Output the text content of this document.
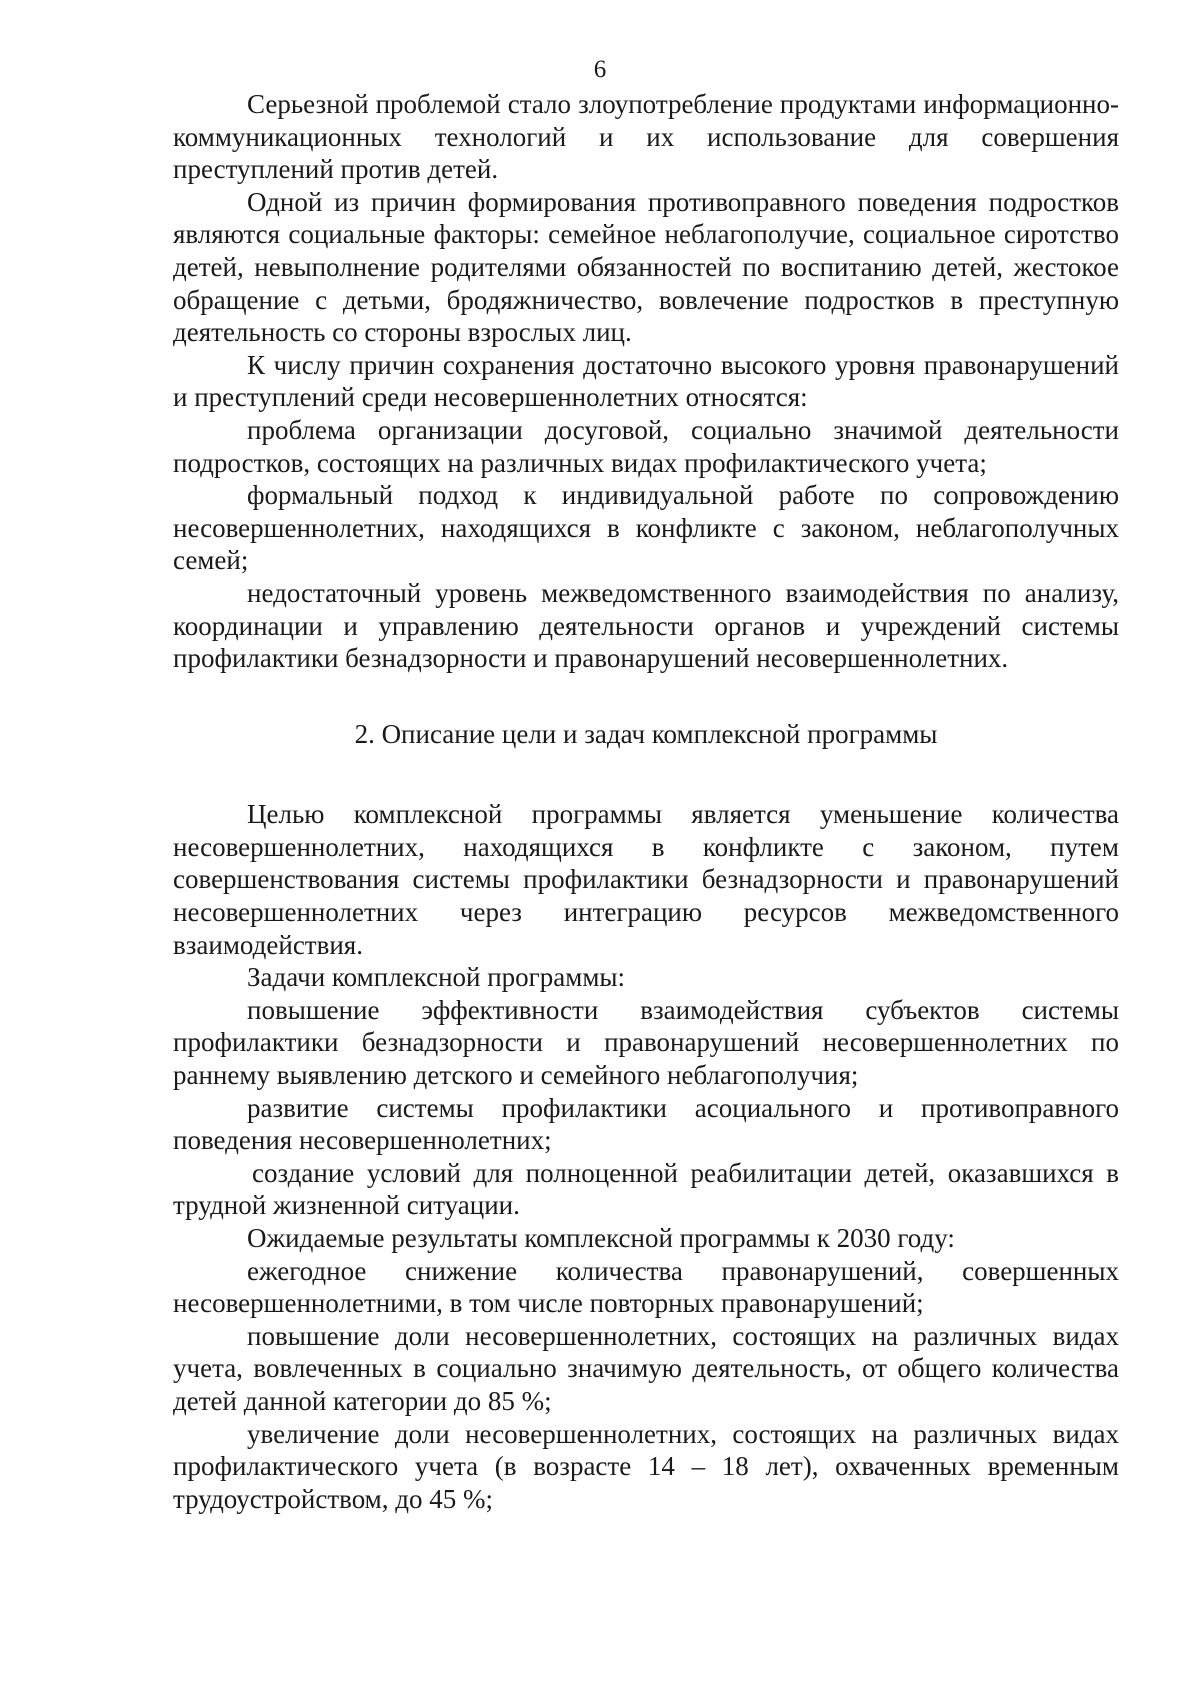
6

Серьезной проблемой стало злоупотребление продуктами информационно-коммуникационных технологий и их использование для совершения преступлений против детей.

Одной из причин формирования противоправного поведения подростков являются социальные факторы: семейное неблагополучие, социальное сиротство детей, невыполнение родителями обязанностей по воспитанию детей, жестокое обращение с детьми, бродяжничество, вовлечение подростков в преступную деятельность со стороны взрослых лиц.

К числу причин сохранения достаточно высокого уровня правонарушений и преступлений среди несовершеннолетних относятся:

проблема организации досуговой, социально значимой деятельности подростков, состоящих на различных видах профилактического учета;

формальный подход к индивидуальной работе по сопровождению несовершеннолетних, находящихся в конфликте с законом, неблагополучных семей;

недостаточный уровень межведомственного взаимодействия по анализу, координации и управлению деятельности органов и учреждений системы профилактики безнадзорности и правонарушений несовершеннолетних.

2. Описание цели и задач комплексной программы

Целью комплексной программы является уменьшение количества несовершеннолетних, находящихся в конфликте с законом, путем совершенствования системы профилактики безнадзорности и правонарушений несовершеннолетних через интеграцию ресурсов межведомственного взаимодействия.

Задачи комплексной программы:

повышение эффективности взаимодействия субъектов системы профилактики безнадзорности и правонарушений несовершеннолетних по раннему выявлению детского и семейного неблагополучия;

развитие системы профилактики асоциального и противоправного поведения несовершеннолетних;

создание условий для полноценной реабилитации детей, оказавшихся в трудной жизненной ситуации.

Ожидаемые результаты комплексной программы к 2030 году:

ежегодное снижение количества правонарушений, совершенных несовершеннолетними, в том числе повторных правонарушений;

повышение доли несовершеннолетних, состоящих на различных видах учета, вовлеченных в социально значимую деятельность, от общего количества детей данной категории до 85 %;

увеличение доли несовершеннолетних, состоящих на различных видах профилактического учета (в возрасте 14 – 18 лет), охваченных временным трудоустройством, до 45 %;
